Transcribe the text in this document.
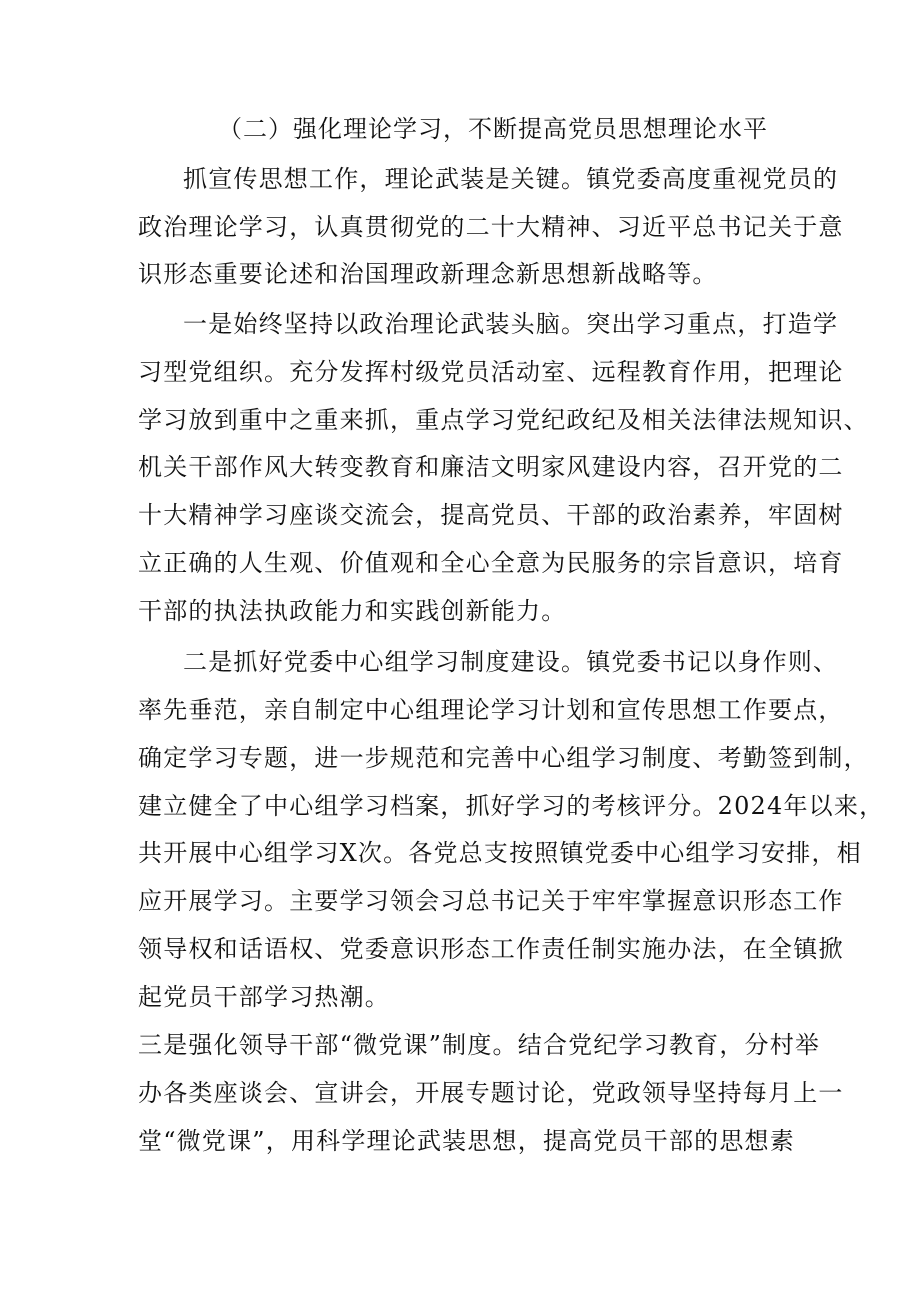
（二）强化理论学习，不断提高党员思想理论水平
抓宣传思想工作，理论武装是关键。镇党委高度重视党员的
政治理论学习，认真贯彻党的二十大精神、习近平总书记关于意
识形态重要论述和治国理政新理念新思想新战略等。
一是始终坚持以政治理论武装头脑。突出学习重点，打造学
习型党组织。充分发挥村级党员活动室、远程教育作用，把理论
学习放到重中之重来抓，重点学习党纪政纪及相关法律法规知识、
机关干部作风大转变教育和廉洁文明家风建设内容，召开党的二
十大精神学习座谈交流会，提高党员、干部的政治素养，牢固树
立正确的人生观、价值观和全心全意为民服务的宗旨意识，培育
干部的执法执政能力和实践创新能力。
二是抓好党委中心组学习制度建设。镇党委书记以身作则、
率先垂范，亲自制定中心组理论学习计划和宣传思想工作要点，
确定学习专题，进一步规范和完善中心组学习制度、考勤签到制，
建立健全了中心组学习档案，抓好学习的考核评分。2024年以来，
共开展中心组学习X次。各党总支按照镇党委中心组学习安排，相
应开展学习。主要学习领会习总书记关于牢牢掌握意识形态工作
领导权和话语权、党委意识形态工作责任制实施办法，在全镇掀
起党员干部学习热潮。
三是强化领导干部“微党课”制度。结合党纪学习教育，分村举
办各类座谈会、宣讲会，开展专题讨论，党政领导坚持每月上一
堂“微党课”，用科学理论武装思想，提高党员干部的思想素
